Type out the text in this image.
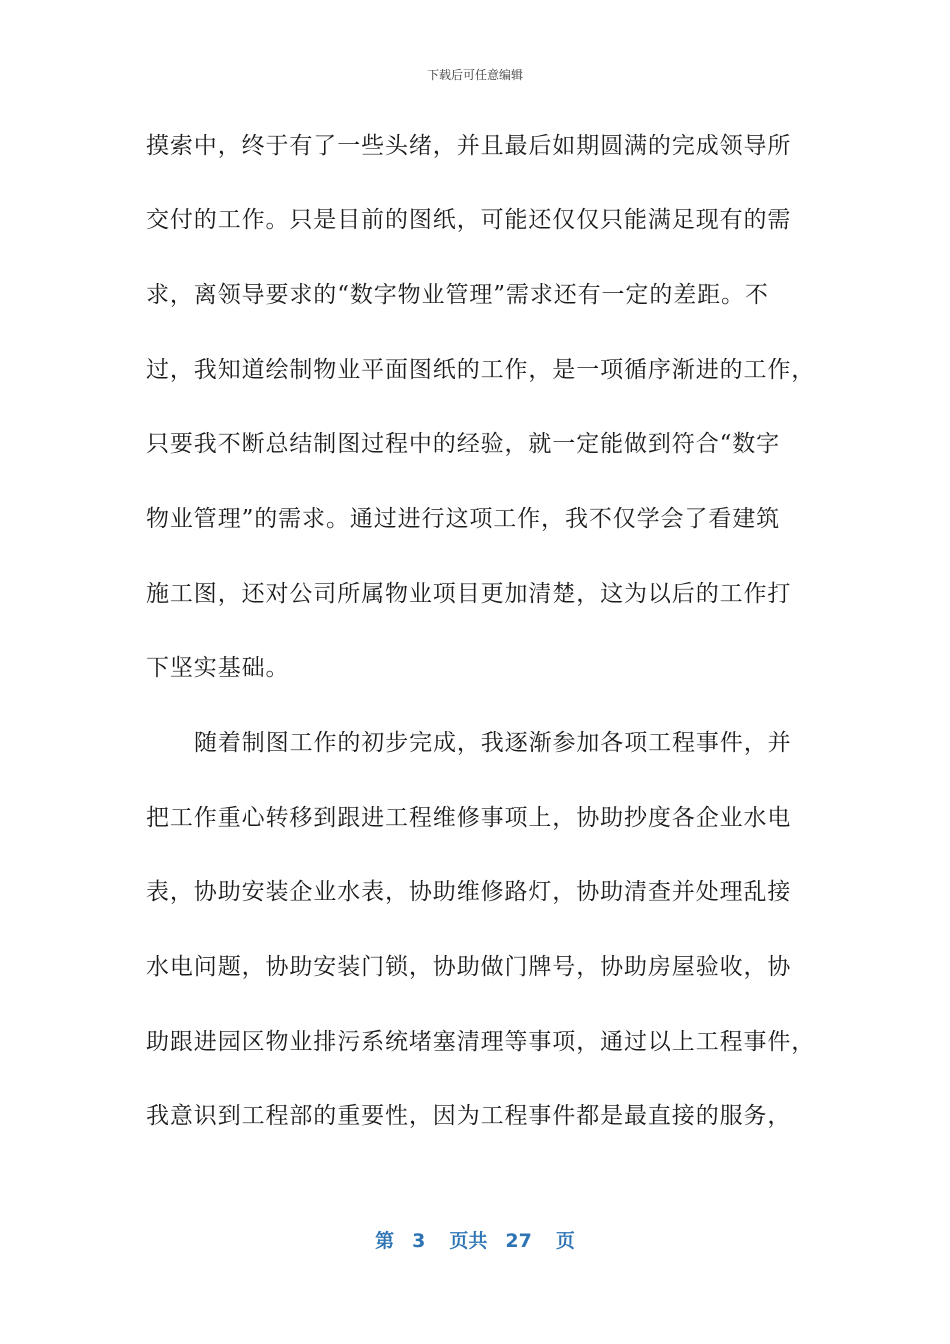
下载后可任意编辑
摸索中，终于有了一些头绪，并且最后如期圆满的完成领导所
交付的工作。只是目前的图纸，可能还仅仅只能满足现有的需
求，离领导要求的“数字物业管理”需求还有一定的差距。不
过，我知道绘制物业平面图纸的工作，是一项循序渐进的工作，
只要我不断总结制图过程中的经验，就一定能做到符合“数字
物业管理”的需求。通过进行这项工作，我不仅学会了看建筑
施工图，还对公司所属物业项目更加清楚，这为以后的工作打
下坚实基础。
随着制图工作的初步完成，我逐渐参加各项工程事件，并
把工作重心转移到跟进工程维修事项上，协助抄度各企业水电
表，协助安装企业水表，协助维修路灯，协助清查并处理乱接
水电问题，协助安装门锁，协助做门牌号，协助房屋验收，协
助跟进园区物业排污系统堵塞清理等事项，通过以上工程事件，
我意识到工程部的重要性，因为工程事件都是最直接的服务，
第 3 页共 27 页
